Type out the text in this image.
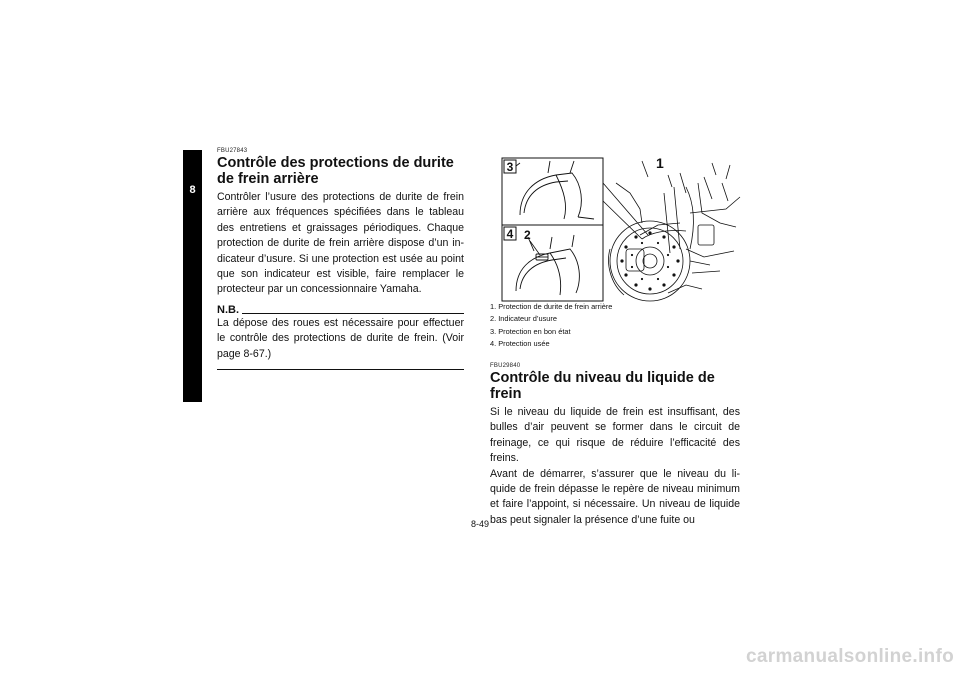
8
FBU27843
Contrôle des protections de durite de frein arrière

Contrôler l’usure des protections de durite de frein arrière aux fréquences spécifiées dans le tableau des entretiens et graissages périodiques. Chaque protection de durite de frein arrière dispose d’un indicateur d’usure. Si une protection est usée au point que son indicateur est visible, faire remplacer le protecteur par un concessionnaire Yamaha.

N.B.

La dépose des roues est nécessaire pour effectuer le contrôle des protections de durite de frein. (Voir page 8-67.)

3
4 2
1
1. Protection de durite de frein arrière
2. Indicateur d’usure
3. Protection en bon état
4. Protection usée
FBU29840
Contrôle du niveau du liquide de frein

Si le niveau du liquide de frein est insuffisant, des bulles d’air peuvent se former dans le circuit de freinage, ce qui risque de réduire l’efficacité des freins.

Avant de démarrer, s’assurer que le niveau du liquide de frein dépasse le repère de niveau minimum et faire l’appoint, si nécessaire. Un niveau de liquide bas peut signaler la présence d’une fuite ou

8-49
carmanualsonline.info
